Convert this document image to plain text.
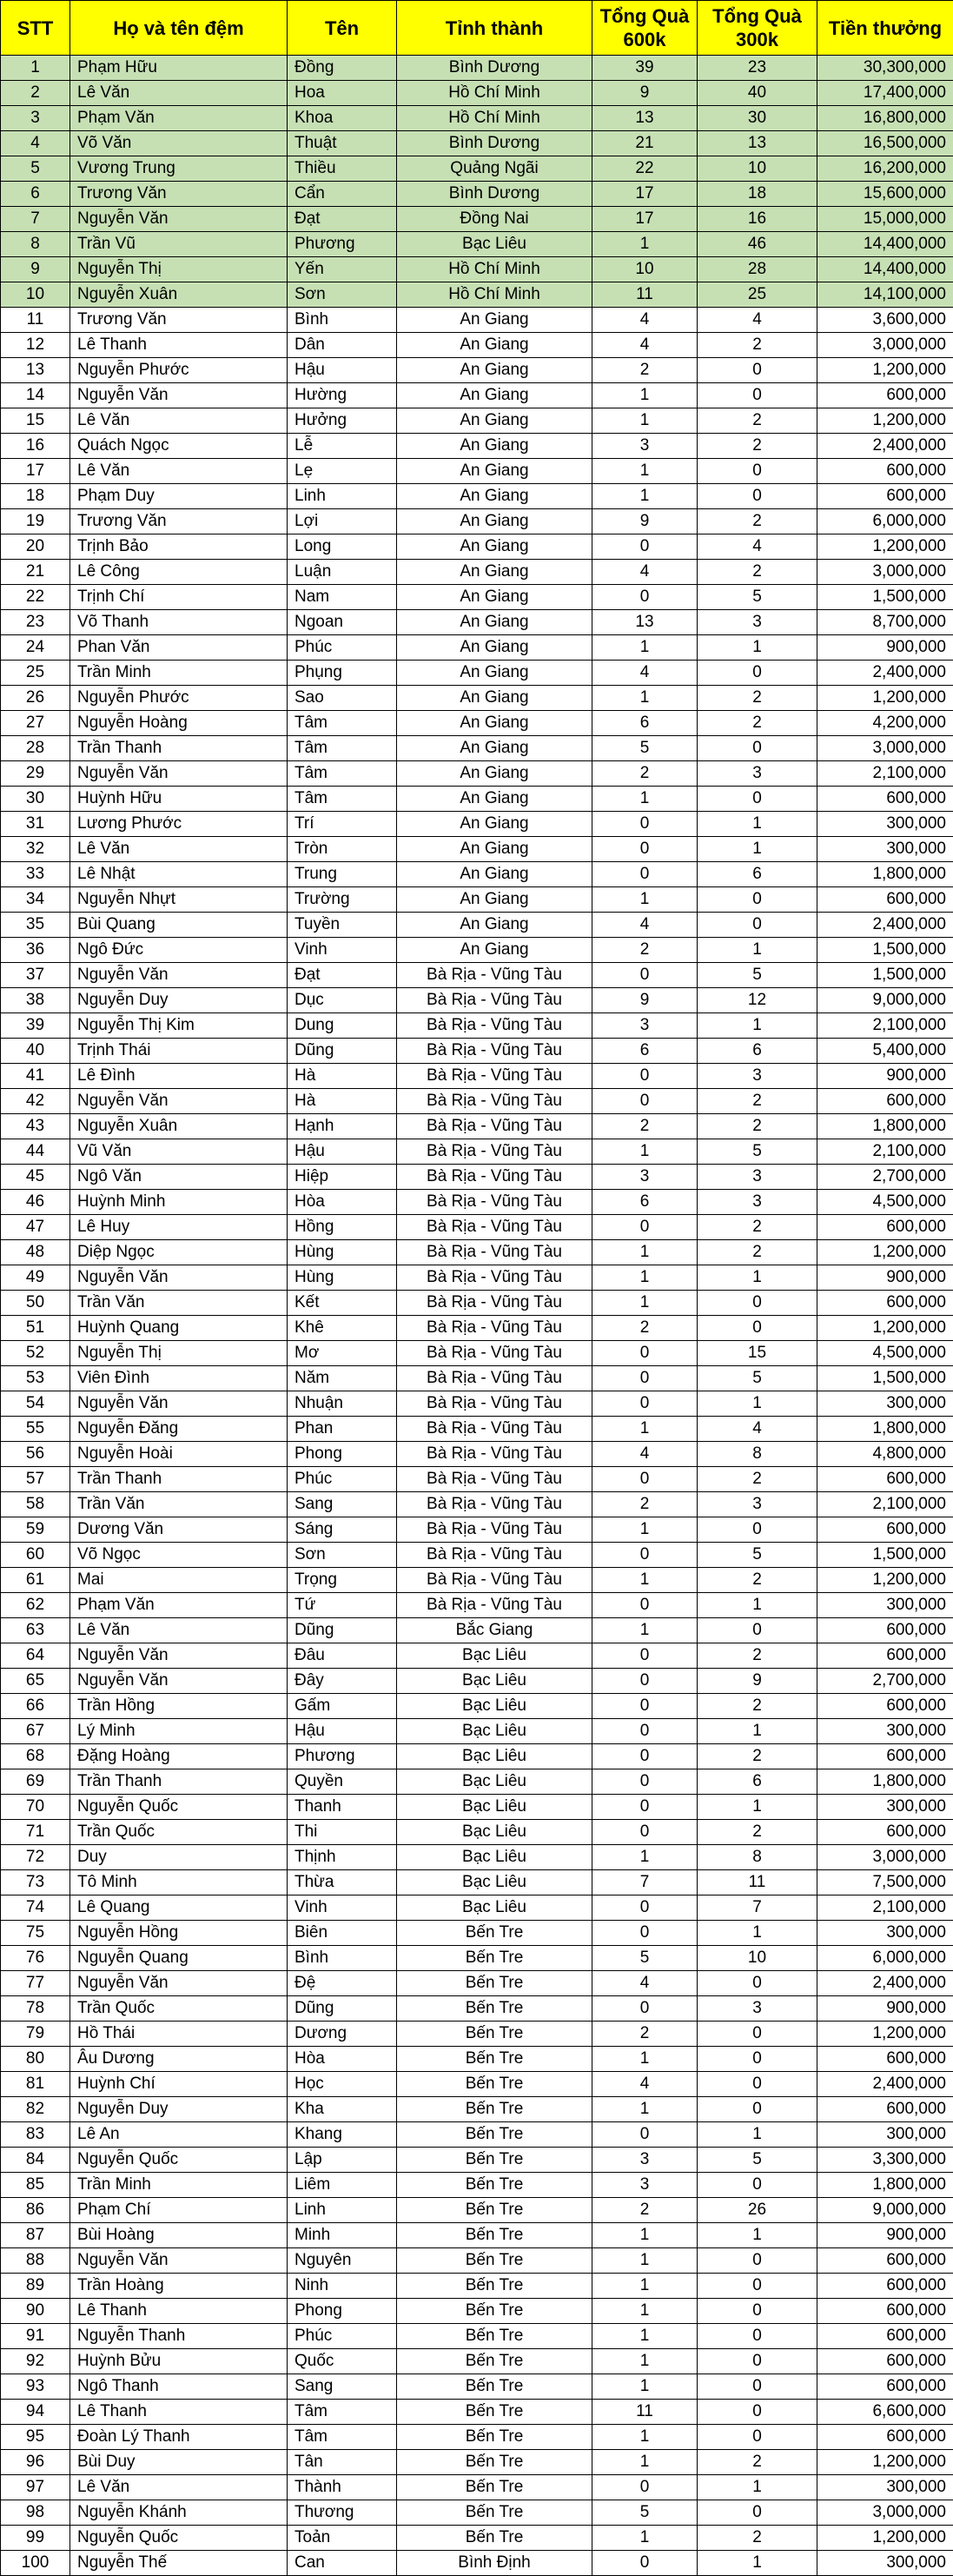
STT	Họ và tên đệm	Tên	Tỉnh thành	Tổng Quà 600k	Tổng Quà 300k	Tiền thưởng
1	Phạm Hữu	Đồng	Bình Dương	39	23	30,300,000
2	Lê Văn	Hoa	Hồ Chí Minh	9	40	17,400,000
3	Phạm Văn	Khoa	Hồ Chí Minh	13	30	16,800,000
4	Võ Văn	Thuật	Bình Dương	21	13	16,500,000
5	Vương Trung	Thiều	Quảng Ngãi	22	10	16,200,000
6	Trương Văn	Cẩn	Bình Dương	17	18	15,600,000
7	Nguyễn Văn	Đạt	Đồng Nai	17	16	15,000,000
8	Trần Vũ	Phương	Bạc Liêu	1	46	14,400,000
9	Nguyễn Thị	Yến	Hồ Chí Minh	10	28	14,400,000
10	Nguyễn Xuân	Sơn	Hồ Chí Minh	11	25	14,100,000
11	Trương Văn	Bình	An Giang	4	4	3,600,000
12	Lê Thanh	Dân	An Giang	4	2	3,000,000
13	Nguyễn Phước	Hậu	An Giang	2	0	1,200,000
14	Nguyễn Văn	Hường	An Giang	1	0	600,000
15	Lê Văn	Hưởng	An Giang	1	2	1,200,000
16	Quách Ngọc	Lễ	An Giang	3	2	2,400,000
17	Lê Văn	Lẹ	An Giang	1	0	600,000
18	Phạm Duy	Linh	An Giang	1	0	600,000
19	Trương Văn	Lợi	An Giang	9	2	6,000,000
20	Trịnh Bảo	Long	An Giang	0	4	1,200,000
21	Lê Công	Luận	An Giang	4	2	3,000,000
22	Trịnh Chí	Nam	An Giang	0	5	1,500,000
23	Võ Thanh	Ngoan	An Giang	13	3	8,700,000
24	Phan Văn	Phúc	An Giang	1	1	900,000
25	Trần Minh	Phụng	An Giang	4	0	2,400,000
26	Nguyễn Phước	Sao	An Giang	1	2	1,200,000
27	Nguyễn Hoàng	Tâm	An Giang	6	2	4,200,000
28	Trần Thanh	Tâm	An Giang	5	0	3,000,000
29	Nguyễn Văn	Tâm	An Giang	2	3	2,100,000
30	Huỳnh Hữu	Tâm	An Giang	1	0	600,000
31	Lương Phước	Trí	An Giang	0	1	300,000
32	Lê Văn	Tròn	An Giang	0	1	300,000
33	Lê Nhật	Trung	An Giang	0	6	1,800,000
34	Nguyễn Nhựt	Trường	An Giang	1	0	600,000
35	Bùi Quang	Tuyền	An Giang	4	0	2,400,000
36	Ngô Đức	Vinh	An Giang	2	1	1,500,000
37	Nguyễn Văn	Đạt	Bà Rịa - Vũng Tàu	0	5	1,500,000
38	Nguyễn Duy	Dục	Bà Rịa - Vũng Tàu	9	12	9,000,000
39	Nguyễn Thị Kim	Dung	Bà Rịa - Vũng Tàu	3	1	2,100,000
40	Trịnh Thái	Dũng	Bà Rịa - Vũng Tàu	6	6	5,400,000
41	Lê Đình	Hà	Bà Rịa - Vũng Tàu	0	3	900,000
42	Nguyễn Văn	Hà	Bà Rịa - Vũng Tàu	0	2	600,000
43	Nguyễn Xuân	Hạnh	Bà Rịa - Vũng Tàu	2	2	1,800,000
44	Vũ Văn	Hậu	Bà Rịa - Vũng Tàu	1	5	2,100,000
45	Ngô Văn	Hiệp	Bà Rịa - Vũng Tàu	3	3	2,700,000
46	Huỳnh Minh	Hòa	Bà Rịa - Vũng Tàu	6	3	4,500,000
47	Lê Huy	Hồng	Bà Rịa - Vũng Tàu	0	2	600,000
48	Diệp Ngọc	Hùng	Bà Rịa - Vũng Tàu	1	2	1,200,000
49	Nguyễn Văn	Hùng	Bà Rịa - Vũng Tàu	1	1	900,000
50	Trần Văn	Kết	Bà Rịa - Vũng Tàu	1	0	600,000
51	Huỳnh Quang	Khê	Bà Rịa - Vũng Tàu	2	0	1,200,000
52	Nguyễn Thị	Mơ	Bà Rịa - Vũng Tàu	0	15	4,500,000
53	Viên Đình	Năm	Bà Rịa - Vũng Tàu	0	5	1,500,000
54	Nguyễn Văn	Nhuận	Bà Rịa - Vũng Tàu	0	1	300,000
55	Nguyễn Đăng	Phan	Bà Rịa - Vũng Tàu	1	4	1,800,000
56	Nguyễn Hoài	Phong	Bà Rịa - Vũng Tàu	4	8	4,800,000
57	Trần Thanh	Phúc	Bà Rịa - Vũng Tàu	0	2	600,000
58	Trần Văn	Sang	Bà Rịa - Vũng Tàu	2	3	2,100,000
59	Dương Văn	Sáng	Bà Rịa - Vũng Tàu	1	0	600,000
60	Võ Ngọc	Sơn	Bà Rịa - Vũng Tàu	0	5	1,500,000
61	Mai	Trọng	Bà Rịa - Vũng Tàu	1	2	1,200,000
62	Phạm Văn	Tứ	Bà Rịa - Vũng Tàu	0	1	300,000
63	Lê Văn	Dũng	Bắc Giang	1	0	600,000
64	Nguyễn Văn	Đâu	Bạc Liêu	0	2	600,000
65	Nguyễn Văn	Đây	Bạc Liêu	0	9	2,700,000
66	Trần Hồng	Gấm	Bạc Liêu	0	2	600,000
67	Lý Minh	Hậu	Bạc Liêu	0	1	300,000
68	Đặng Hoàng	Phương	Bạc Liêu	0	2	600,000
69	Trần Thanh	Quyền	Bạc Liêu	0	6	1,800,000
70	Nguyễn Quốc	Thanh	Bạc Liêu	0	1	300,000
71	Trần Quốc	Thi	Bạc Liêu	0	2	600,000
72	Duy	Thịnh	Bạc Liêu	1	8	3,000,000
73	Tô Minh	Thừa	Bạc Liêu	7	11	7,500,000
74	Lê Quang	Vinh	Bạc Liêu	0	7	2,100,000
75	Nguyễn Hồng	Biên	Bến Tre	0	1	300,000
76	Nguyễn Quang	Bình	Bến Tre	5	10	6,000,000
77	Nguyễn Văn	Đệ	Bến Tre	4	0	2,400,000
78	Trần Quốc	Dũng	Bến Tre	0	3	900,000
79	Hồ Thái	Dương	Bến Tre	2	0	1,200,000
80	Âu Dương	Hòa	Bến Tre	1	0	600,000
81	Huỳnh Chí	Học	Bến Tre	4	0	2,400,000
82	Nguyễn Duy	Kha	Bến Tre	1	0	600,000
83	Lê An	Khang	Bến Tre	0	1	300,000
84	Nguyễn Quốc	Lập	Bến Tre	3	5	3,300,000
85	Trần Minh	Liêm	Bến Tre	3	0	1,800,000
86	Phạm Chí	Linh	Bến Tre	2	26	9,000,000
87	Bùi Hoàng	Minh	Bến Tre	1	1	900,000
88	Nguyễn Văn	Nguyên	Bến Tre	1	0	600,000
89	Trần Hoàng	Ninh	Bến Tre	1	0	600,000
90	Lê Thanh	Phong	Bến Tre	1	0	600,000
91	Nguyễn Thanh	Phúc	Bến Tre	1	0	600,000
92	Huỳnh Bửu	Quốc	Bến Tre	1	0	600,000
93	Ngô Thanh	Sang	Bến Tre	1	0	600,000
94	Lê Thanh	Tâm	Bến Tre	11	0	6,600,000
95	Đoàn Lý Thanh	Tâm	Bến Tre	1	0	600,000
96	Bùi Duy	Tân	Bến Tre	1	2	1,200,000
97	Lê Văn	Thành	Bến Tre	0	1	300,000
98	Nguyễn Khánh	Thương	Bến Tre	5	0	3,000,000
99	Nguyễn Quốc	Toản	Bến Tre	1	2	1,200,000
100	Nguyễn Thế	Can	Bình Định	0	1	300,000
